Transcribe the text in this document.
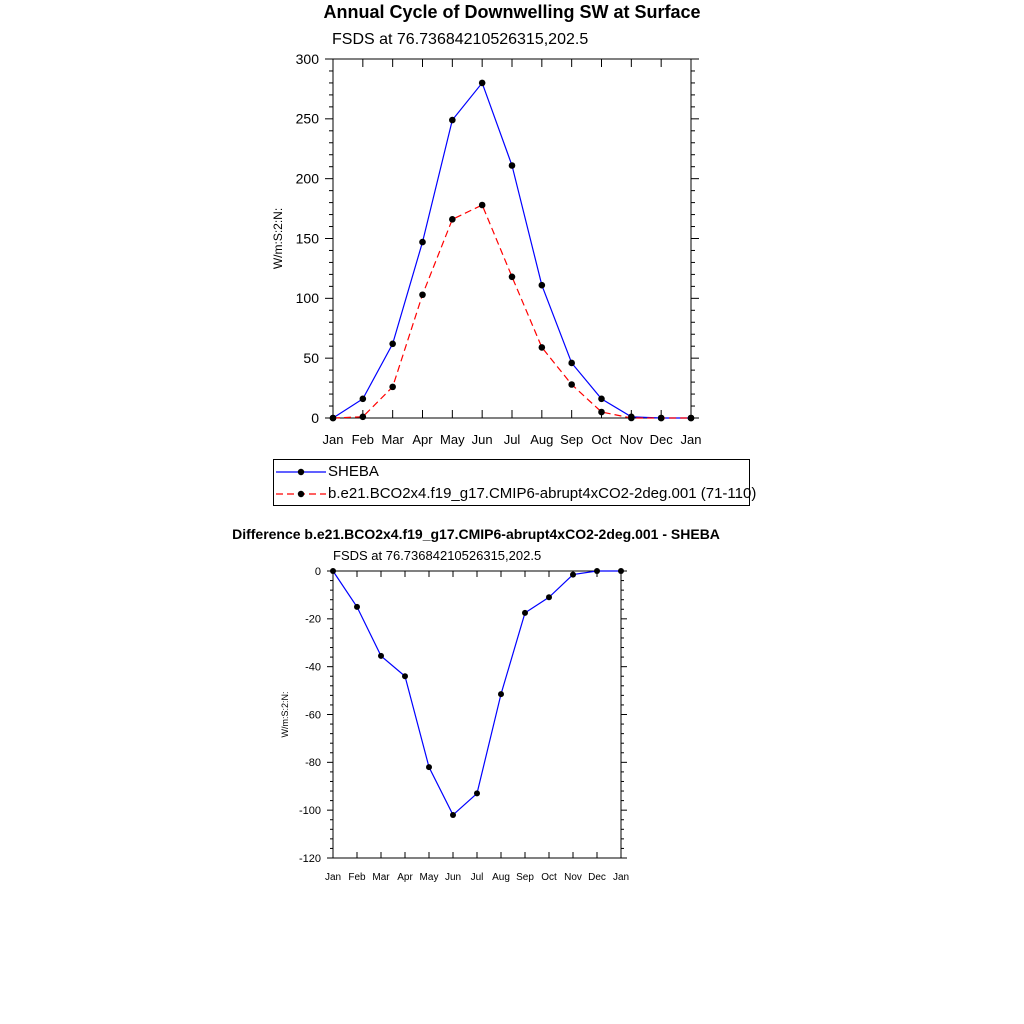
Annual Cycle of Downwelling SW at Surface
FSDS at 76.73684210526315,202.5
Jan Feb Mar Apr May Jun Jul Aug Sep Oct Nov Dec Jan
0
50
100
150
200
250
300
W/m:S:2:N:
Jan Feb Mar Apr May Jun Jul Aug Sep Oct Nov Dec Jan
-120
-100
-80
-60
-40
-20
0
W/m:S:2:N:
SHEBA
b.e21.BCO2x4.f19_g17.CMIP6-abrupt4xCO2-2deg.001 (71-110)
Difference b.e21.BCO2x4.f19_g17.CMIP6-abrupt4xCO2-2deg.001 - SHEBA
FSDS at 76.73684210526315,202.5
